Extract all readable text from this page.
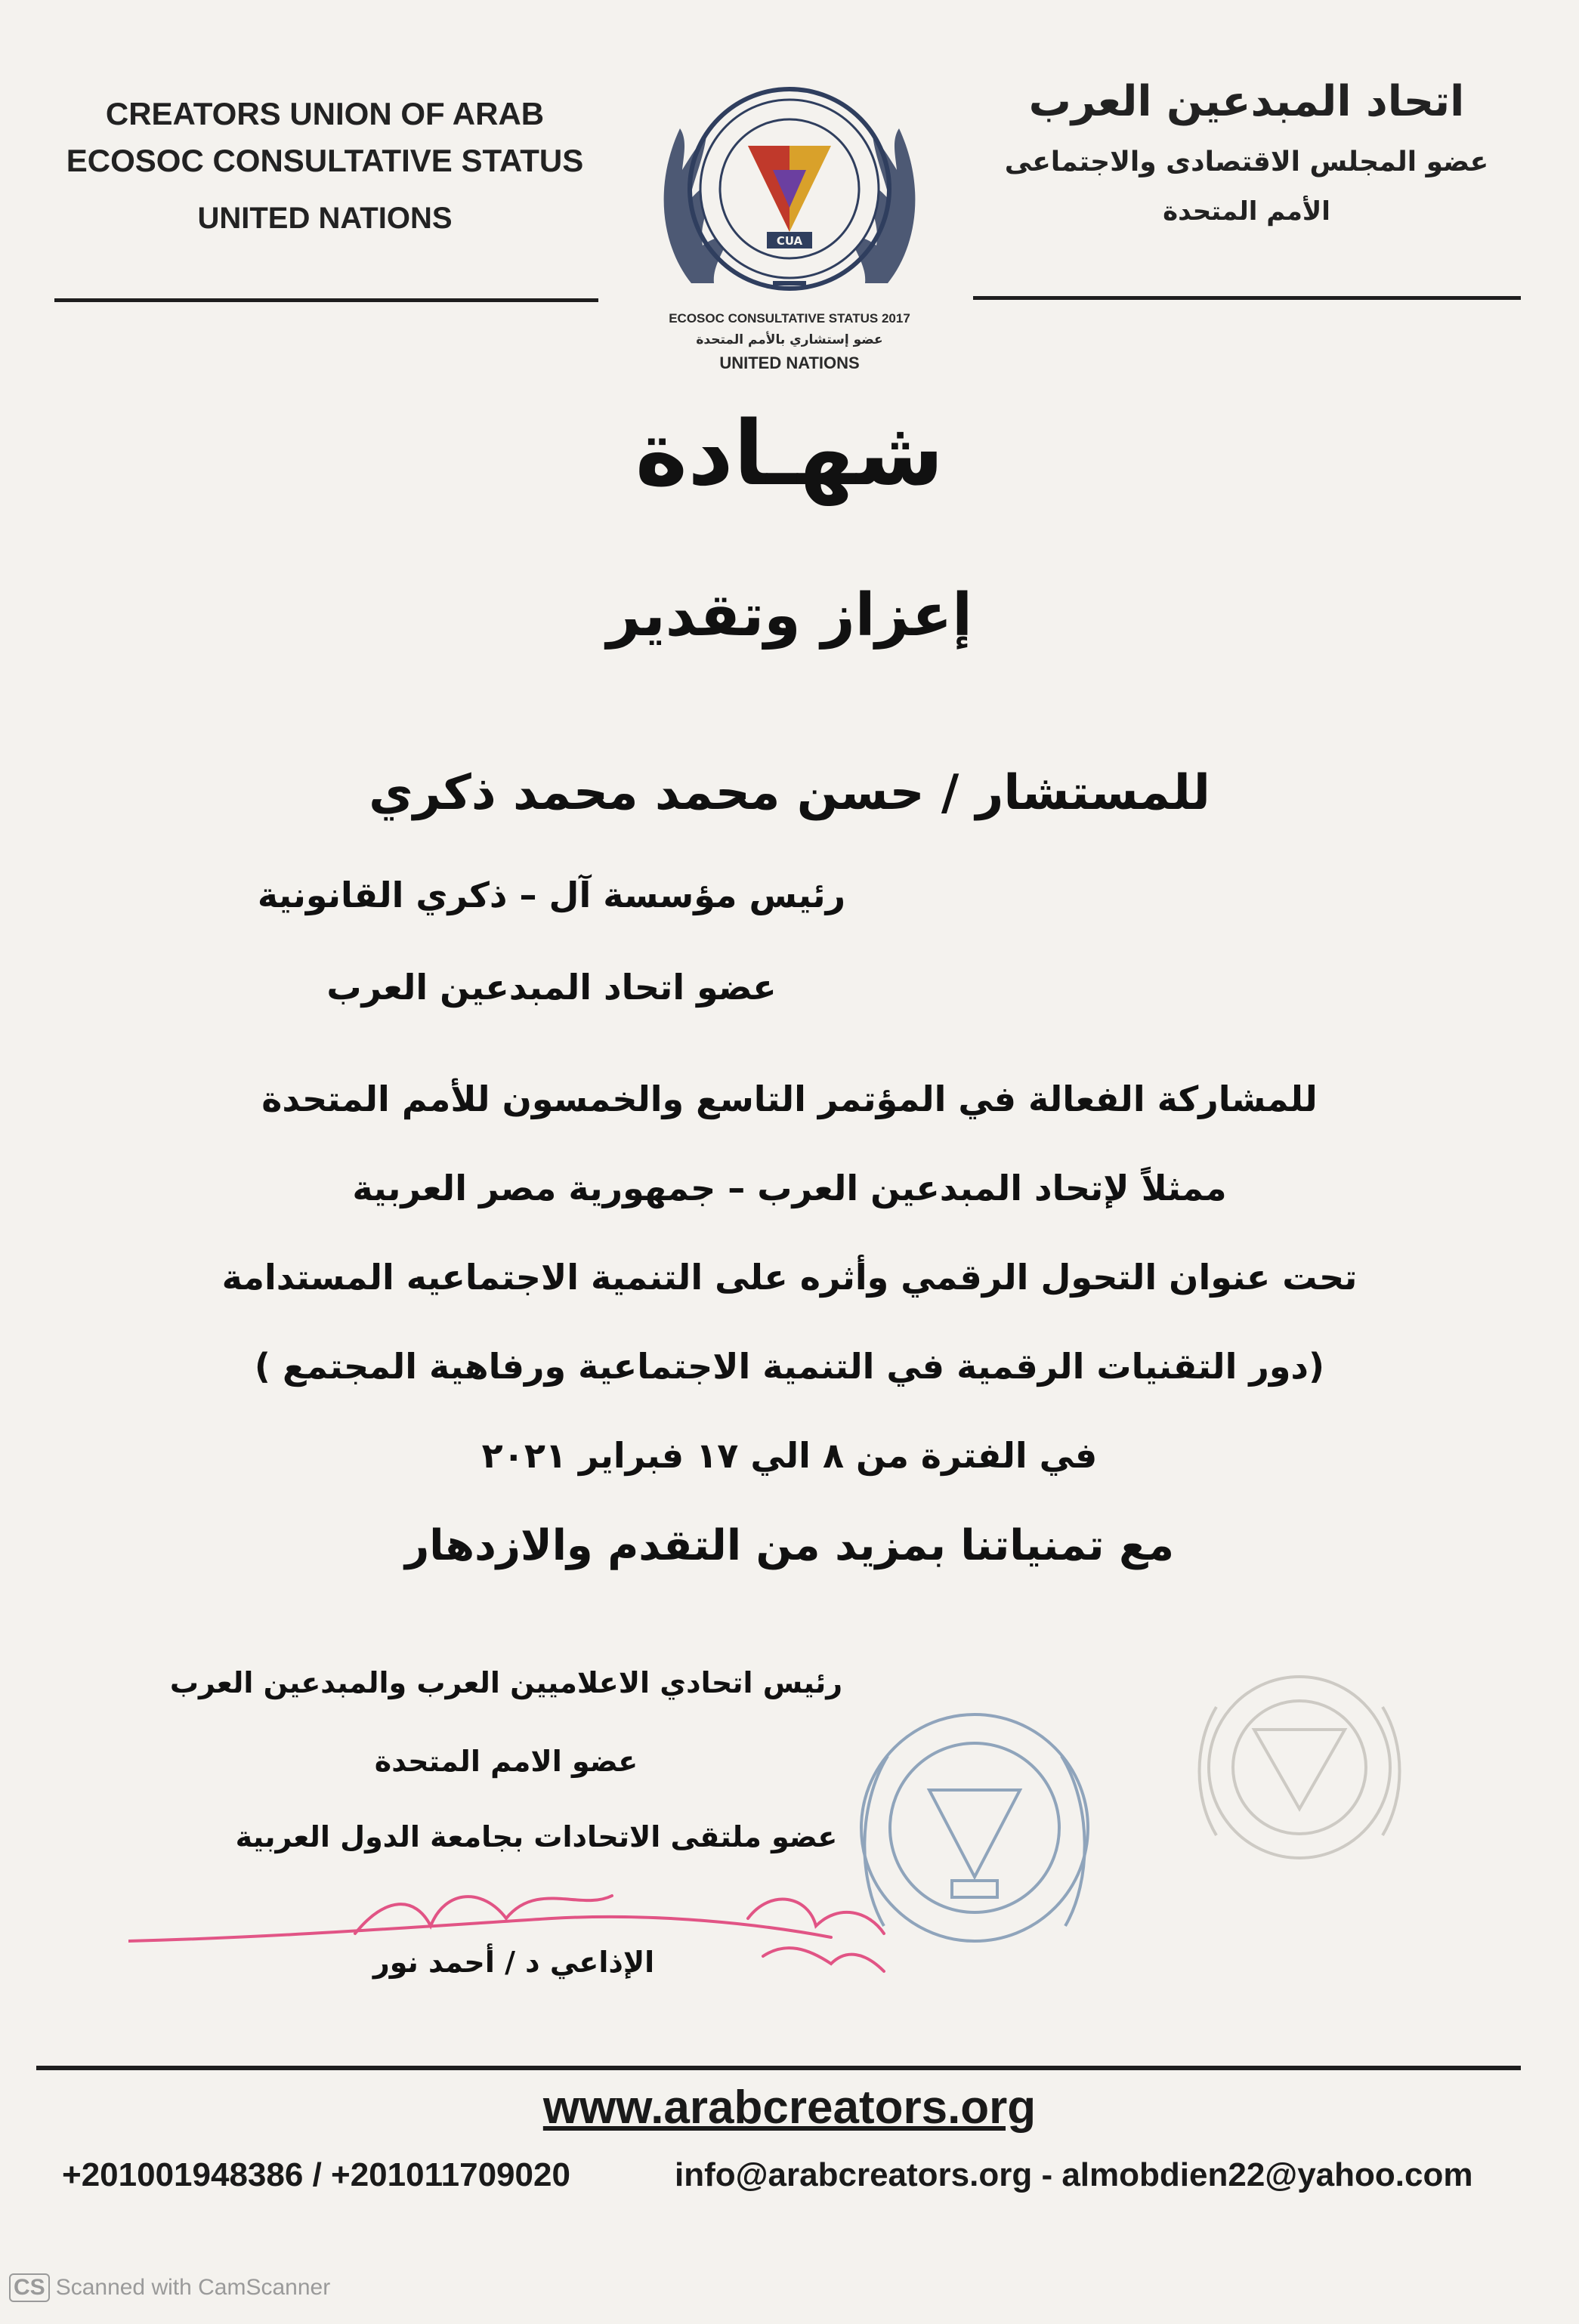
CREATORS UNION OF ARAB
ECOSOC CONSULTATIVE STATUS
UNITED NATIONS
اتحاد المبدعين العرب
عضو المجلس الاقتصادى والاجتماعى
الأمم المتحدة
CUA
ECOSOC CONSULTATIVE STATUS 2017
عضو إستشاري بالأمم المتحدة
UNITED NATIONS
شهـادة
إعزاز وتقدير
للمستشار / حسن محمد محمد ذكري
رئيس مؤسسة آل – ذكري القانونية
عضو اتحاد المبدعين العرب
للمشاركة الفعالة في المؤتمر التاسع والخمسون للأمم المتحدة
ممثلاً لإتحاد المبدعين العرب – جمهورية مصر العربية
تحت عنوان التحول الرقمي وأثره على التنمية الاجتماعيه المستدامة
(دور التقنيات الرقمية في التنمية الاجتماعية ورفاهية المجتمع )
في الفترة من ٨ الي ١٧ فبراير ٢٠٢١
مع تمنياتنا بمزيد من التقدم والازدهار
رئيس اتحادي الاعلاميين العرب والمبدعين العرب
عضو الامم المتحدة
عضو ملتقى الاتحادات بجامعة الدول العربية
الإذاعي د / أحمد نور
www.arabcreators.org
+201001948386 / +201011709020	info@arabcreators.org - almobdien22@yahoo.com
CS Scanned with CamScanner
